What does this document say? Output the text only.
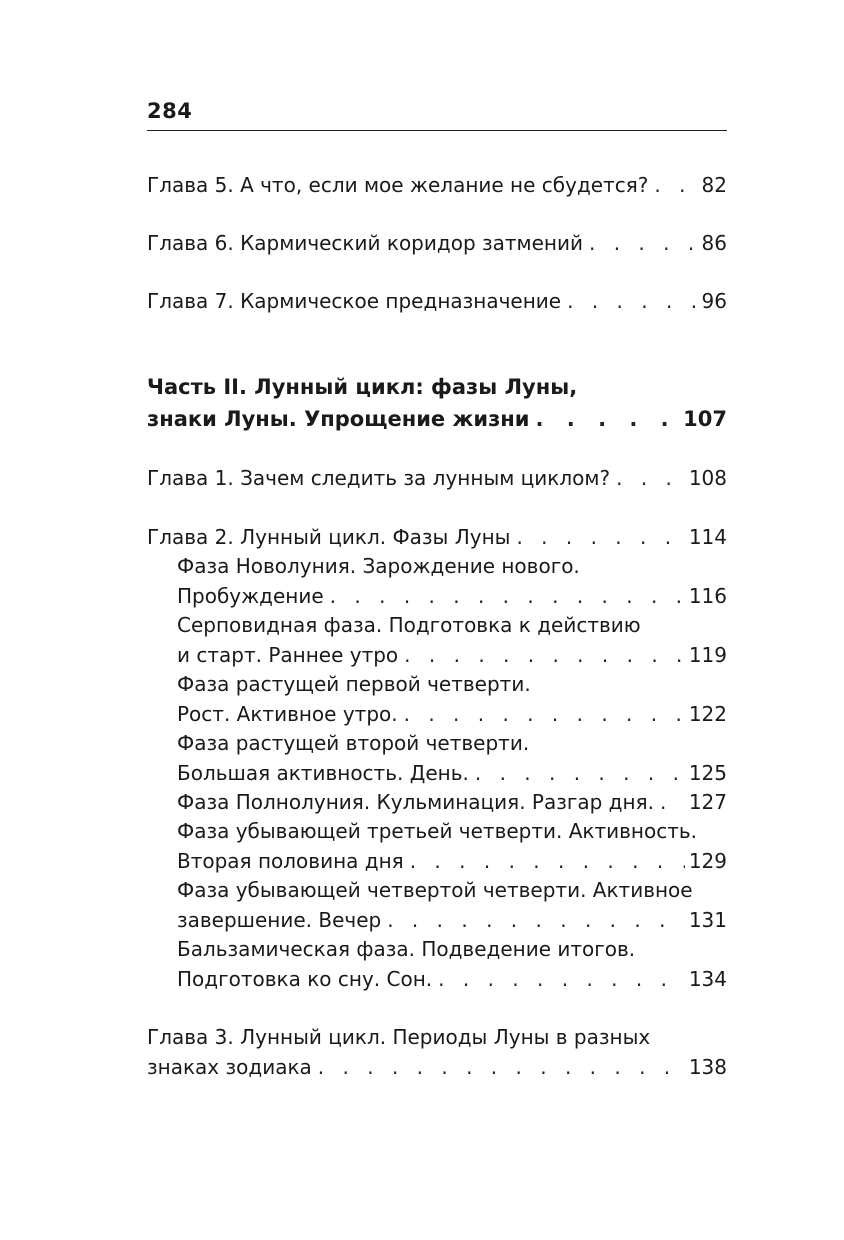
284
Глава 5. А что, если мое желание не сбудется? . . .	82
Глава 6. Кармический коридор затмений . . .	86
Глава 7. Кармическое предназначение . . .	96
Часть II. Лунный цикл: фазы Луны,
знаки Луны. Упрощение жизни . . .	107
Глава 1. Зачем следить за лунным циклом? . . .	108
Глава 2. Лунный цикл. Фазы Луны . . .	114
Фаза Новолуния. Зарождение нового.
Пробуждение . . .	116
Серповидная фаза. Подготовка к действию
и старт. Раннее утро . . .	119
Фаза растущей первой четверти.
Рост. Активное утро. . . .	122
Фаза растущей второй четверти.
Большая активность. День. . . .	125
Фаза Полнолуния. Кульминация. Разгар дня. . . . 127
Фаза убывающей третьей четверти. Активность.
Вторая половина дня . . .	129
Фаза убывающей четвертой четверти. Активное
завершение. Вечер . . .	131
Бальзамическая фаза. Подведение итогов.
Подготовка ко сну. Сон. . . .	134
Глава 3. Лунный цикл. Периоды Луны в разных
знаках зодиака . . .	138
